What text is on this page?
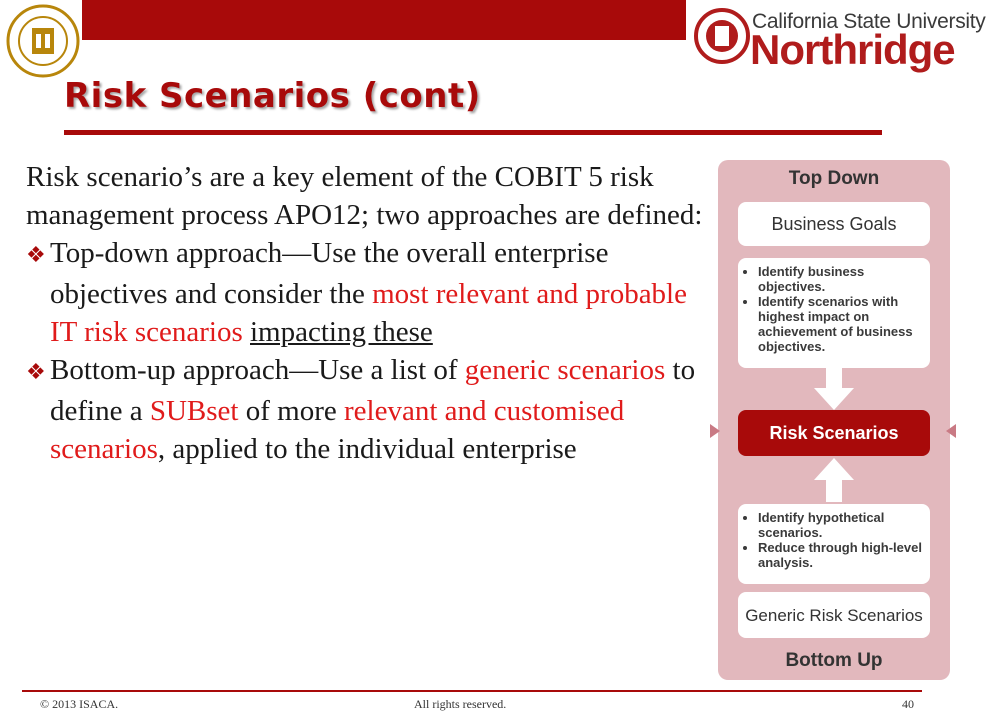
California State University
Northridge
Risk Scenarios (cont)

Risk scenario’s are a key element of the COBIT 5 risk management process APO12; two approaches are defined:

❖ Top-down approach—Use the overall enterprise objectives and consider the most relevant and probable IT risk scenarios impacting these

❖ Bottom-up approach—Use a list of generic scenarios to define a SUBset of more relevant and customised scenarios, applied to the individual enterprise

Top Down
Business Goals
• Identify business objectives.
• Identify scenarios with highest impact on achievement of business objectives.
Risk Scenarios
• Identify hypothetical scenarios.
• Reduce through high-level analysis.
Generic Risk Scenarios
Bottom Up
© 2013 ISACA.	All rights reserved.	40
